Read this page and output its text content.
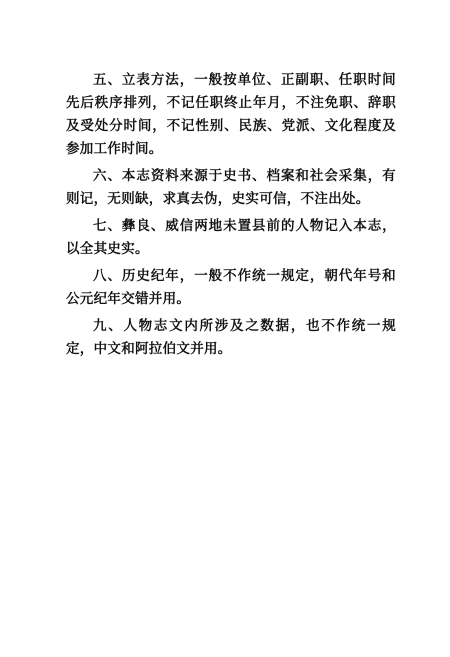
五、立表方法，一般按单位、正副职、任职时间先后秩序排列，不记任职终止年月，不注免职、辞职及受处分时间，不记性别、民族、党派、文化程度及参加工作时间。

六、本志资料来源于史书、档案和社会采集，有则记，无则缺，求真去伪，史实可信，不注出处。

七、彝良、威信两地未置县前的人物记入本志，以全其史实。

八、历史纪年，一般不作统一规定，朝代年号和公元纪年交错并用。

九、人物志文内所涉及之数据，也不作统一规定，中文和阿拉伯文并用。
